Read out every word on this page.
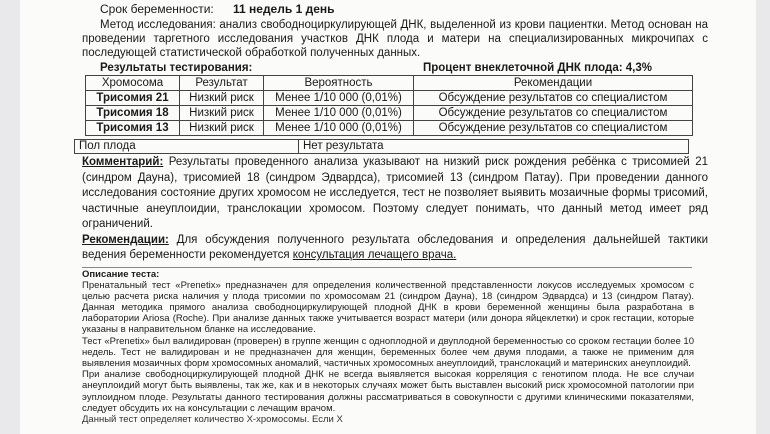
Срок беременности:	11 недель 1 день
Метод исследования: анализ свободноциркулирующей ДНК, выделенной из крови пациентки. Метод основан на проведении таргетного исследования участков ДНК плода и матери на специализированных микрочипах с последующей статистической обработкой полученных данных.
Результаты тестирования:	Процент внеклеточной ДНК плода: 4,3%
Хромосома	Результат	Вероятность	Рекомендации
Трисомия 21	Низкий риск	Менее 1/10 000 (0,01%)	Обсуждение результатов со специалистом
Трисомия 18	Низкий риск	Менее 1/10 000 (0,01%)	Обсуждение результатов со специалистом
Трисомия 13	Низкий риск	Менее 1/10 000 (0,01%)	Обсуждение результатов со специалистом
Пол плода	Нет результата

Комментарий: Результаты проведенного анализа указывают на низкий риск рождения ребёнка с трисомией 21 (синдром Дауна), трисомией 18 (синдром Эдвардса), трисомией 13 (синдром Патау). При проведении данного исследования состояние других хромосом не исследуется, тест не позволяет выявить мозаичные формы трисомий, частичные анеуплоидии, транслокации хромосом. Поэтому следует понимать, что данный метод имеет ряд ограничений.

Рекомендации: Для обсуждения полученного результата обследования и определения дальнейшей тактики ведения беременности рекомендуется консультация лечащего врача.

Описание теста:

Пренатальный тест «Prenetix» предназначен для определения количественной представленности локусов исследуемых хромосом с целью расчета риска наличия у плода трисомии по хромосомам 21 (синдром Дауна), 18 (синдром Эдвардса) и 13 (синдром Патау). Данная методика прямого анализа свободноциркулирующей плодной ДНК в крови беременной женщины была разработана в лаборатории Ariosa (Roche). При анализе данных также учитывается возраст матери (или донора яйцеклетки) и срок гестации, которые указаны в направительном бланке на исследование.

Тест «Prenetix» был валидирован (проверен) в группе женщин с одноплодной и двуплодной беременностью со сроком гестации более 10 недель. Тест не валидирован и не предназначен для женщин, беременных более чем двумя плодами, а также не применим для выявления мозаичных форм хромосомных аномалий, частичных хромосомных анеуплоидий, транслокаций и материнских анеуплоидий.

При анализе свободноциркулирующей плодной ДНК не всегда выявляется высокая корреляция с генотипом плода. Не все случаи анеуплоидий могут быть выявлены, так же, как и в некоторых случаях может быть выставлен высокий риск хромосомной патологии при эуплоидном плоде. Результаты данного тестирования должны рассматриваться в совокупности с другими клиническими показателями, следует обсудить их на консультации с лечащим врачом.

Данный тест определяет количество Х-хромосомы. Если Х
